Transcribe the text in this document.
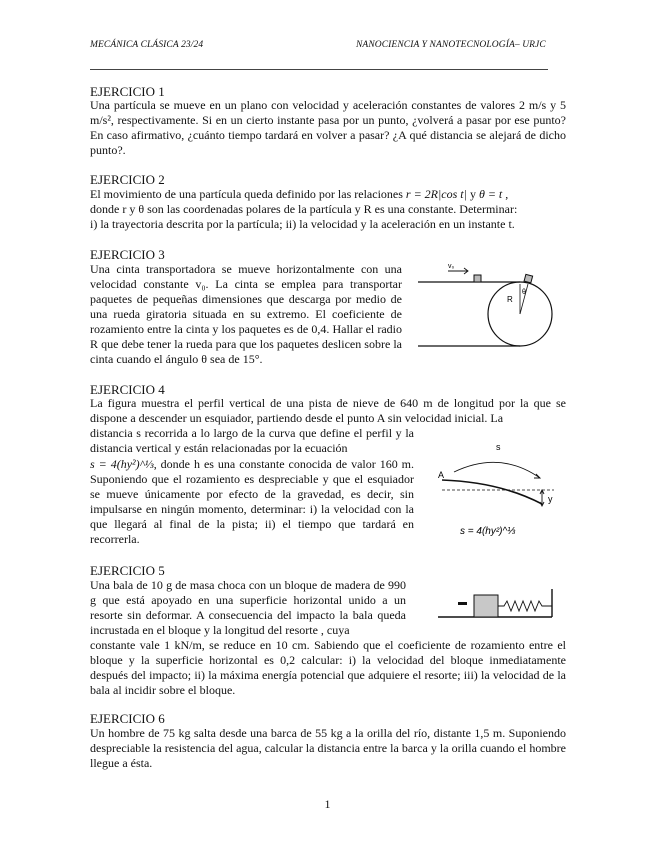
MECÁNICA CLÁSICA 23/24	NANOCIENCIA Y NANOTECNOLOGÍA– URJC
EJERCICIO 1
Una partícula se mueve en un plano con velocidad y aceleración constantes de valores 2 m/s y 5 m/s², respectivamente. Si en un cierto instante pasa por un punto, ¿volverá a pasar por ese punto? En caso afirmativo, ¿cuánto tiempo tardará en volver a pasar? ¿A qué distancia se alejará de dicho punto?.
EJERCICIO 2
El movimiento de una partícula queda definido por las relaciones r = 2R|cos t| y θ = t ,
donde r y θ son las coordenadas polares de la partícula y R es una constante. Determinar:
i) la trayectoria descrita por la partícula; ii) la velocidad y la aceleración en un instante t.
EJERCICIO 3
Una cinta transportadora se mueve horizontalmente con una velocidad constante v₀. La cinta se emplea para transportar paquetes de pequeñas dimensiones que descarga por medio de una rueda giratoria situada en su extremo. El coeficiente de rozamiento entre la cinta y los paquetes es de 0,4. Hallar el radio R que debe tener la rueda para que los paquetes deslicen sobre la cinta cuando el ángulo θ sea de 15°.
v₀
R
θ
EJERCICIO 4
La figura muestra el perfil vertical de una pista de nieve de 640 m de longitud por la que se dispone a descender un esquiador, partiendo desde el punto A sin velocidad inicial. La
distancia s recorrida a lo largo de la curva que define el perfil y la distancia vertical y están relacionadas por la ecuación
s = 4(hy²)^⅓, donde h es una constante conocida de valor 160 m. Suponiendo que el rozamiento es despreciable y que el esquiador se mueve únicamente por efecto de la gravedad, es decir, sin impulsarse en ningún momento, determinar: i) la velocidad con la que llegará al final de la pista; ii) el tiempo que tardará en recorrerla.
s
A
y
s = 4(hy²)^⅓
EJERCICIO 5
Una bala de 10 g de masa choca con un bloque de madera de 990 g que está apoyado en una superficie horizontal unido a un resorte sin deformar. A consecuencia del impacto la bala queda incrustada en el bloque y la longitud del resorte , cuya
constante vale 1 kN/m, se reduce en 10 cm. Sabiendo que el coeficiente de rozamiento entre el bloque y la superficie horizontal es 0,2 calcular: i) la velocidad del bloque inmediatamente después del impacto; ii) la máxima energía potencial que adquiere el resorte; iii) la velocidad de la bala al incidir sobre el bloque.
EJERCICIO 6
Un hombre de 75 kg salta desde una barca de 55 kg a la orilla del río, distante 1,5 m. Suponiendo despreciable la resistencia del agua, calcular la distancia entre la barca y la orilla cuando el hombre llegue a ésta.
1
